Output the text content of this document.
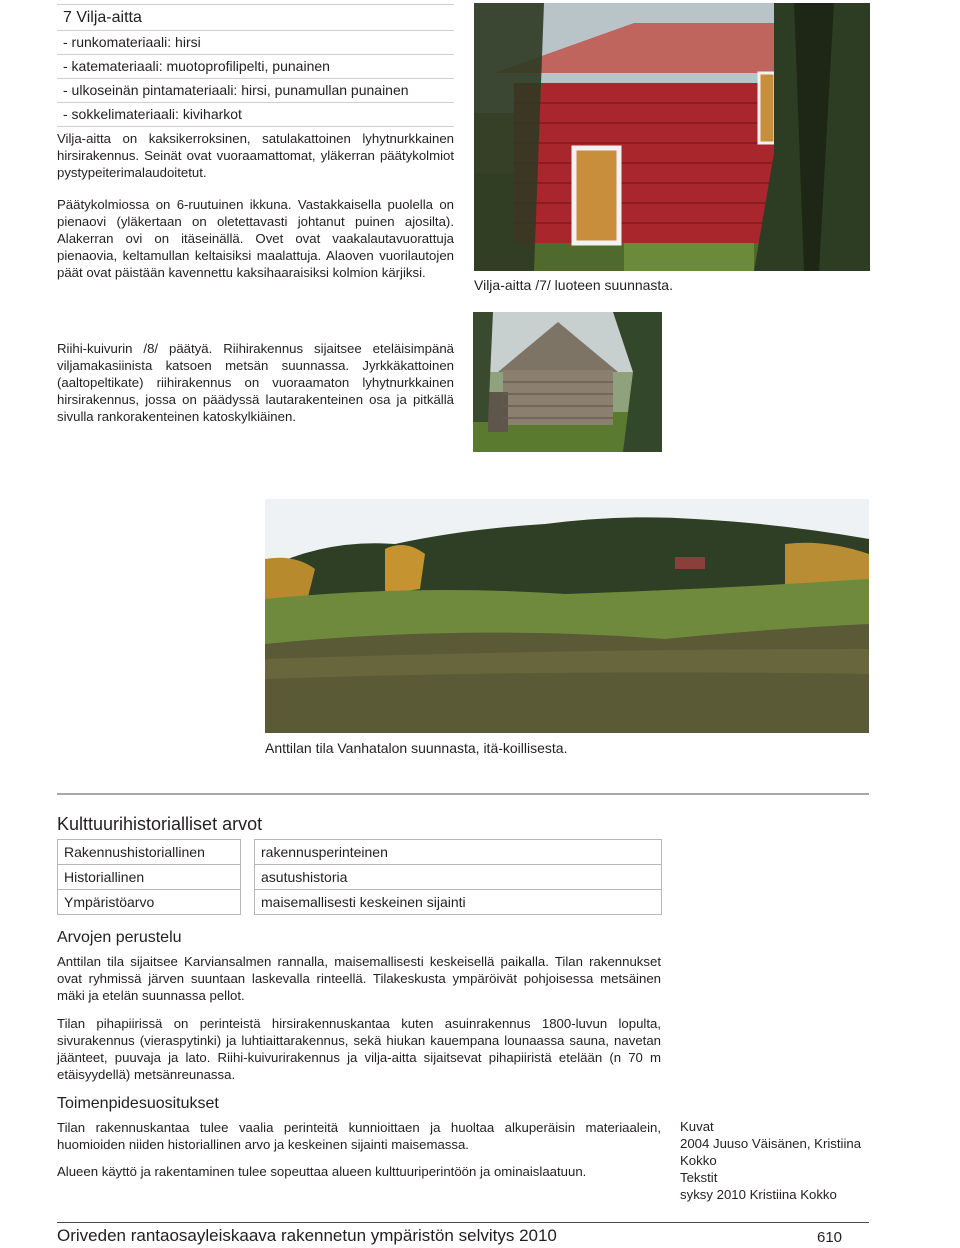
7 Vilja-aitta
- runkomateriaali: hirsi
- katemateriaali: muotoprofilipelti, punainen
- ulkoseinän pintamateriaali: hirsi, punamullan punainen
- sokkelimateriaali: kiviharkot
Vilja-aitta on kaksikerroksinen, satulakattoinen lyhytnurkkainen hirsirakennus. Seinät ovat vuoraamattomat, yläkerran päätykolmiot pystypeiterimalaudoitetut.
Päätykolmiossa on 6-ruutuinen ikkuna. Vastakkaisella puolella on pienaovi (yläkertaan on oletettavasti johtanut puinen ajosilta). Alakerran ovi on itäseinällä. Ovet ovat vaakalautavuorattuja pienaovia, keltamullan keltaisiksi maalattuja. Alaoven vuorilautojen päät ovat päistään kavennettu kaksihaaraisiksi kolmion kärjiksi.
Vilja-aitta /7/ luoteen suunnasta.
Riihi-kuivurin /8/ päätyä. Riihirakennus sijaitsee eteläisimpänä viljamakasiinista katsoen metsän suunnassa. Jyrkkäkattoinen (aaltopeltikate) riihirakennus on vuoraamaton lyhytnurkkainen hirsirakennus, jossa on päädyssä lautarakenteinen osa ja pitkällä sivulla rankorakenteinen katoskylkiäinen.
Anttilan tila Vanhatalon suunnasta, itä-koillisesta.
Kulttuurihistorialliset arvot
Rakennushistoriallinen		rakennusperinteinen
Historiallinen		asutushistoria
Ympäristöarvo		maisemallisesti keskeinen sijainti
Arvojen perustelu
Anttilan tila sijaitsee Karviansalmen rannalla, maisemallisesti keskeisellä paikalla. Tilan rakennukset ovat ryhmissä järven suuntaan laskevalla rinteellä. Tilakeskusta ympäröivät pohjoisessa metsäinen mäki ja etelän suunnassa pellot.
Tilan pihapiirissä on perinteistä hirsirakennuskantaa kuten asuinrakennus 1800-luvun lopulta, sivurakennus (vieraspytinki) ja luhtiaittarakennus, sekä hiukan kauempana lounaassa sauna, navetan jäänteet, puuvaja ja lato. Riihi-kuivurirakennus ja vilja-aitta sijaitsevat pihapiiristä etelään (n 70 m etäisyydellä) metsänreunassa.
Toimenpidesuositukset
Tilan rakennuskantaa tulee vaalia perinteitä kunnioittaen ja huoltaa alkuperäisin materiaalein, huomioiden niiden historiallinen arvo ja keskeinen sijainti maisemassa.
Alueen käyttö ja rakentaminen tulee sopeuttaa alueen kulttuuriperintöön ja ominaislaatuun.
Kuvat
2004 Juuso Väisänen, Kristiina Kokko
Tekstit
syksy 2010 Kristiina Kokko
Oriveden rantaosayleiskaava rakennetun ympäristön selvitys 2010	610
